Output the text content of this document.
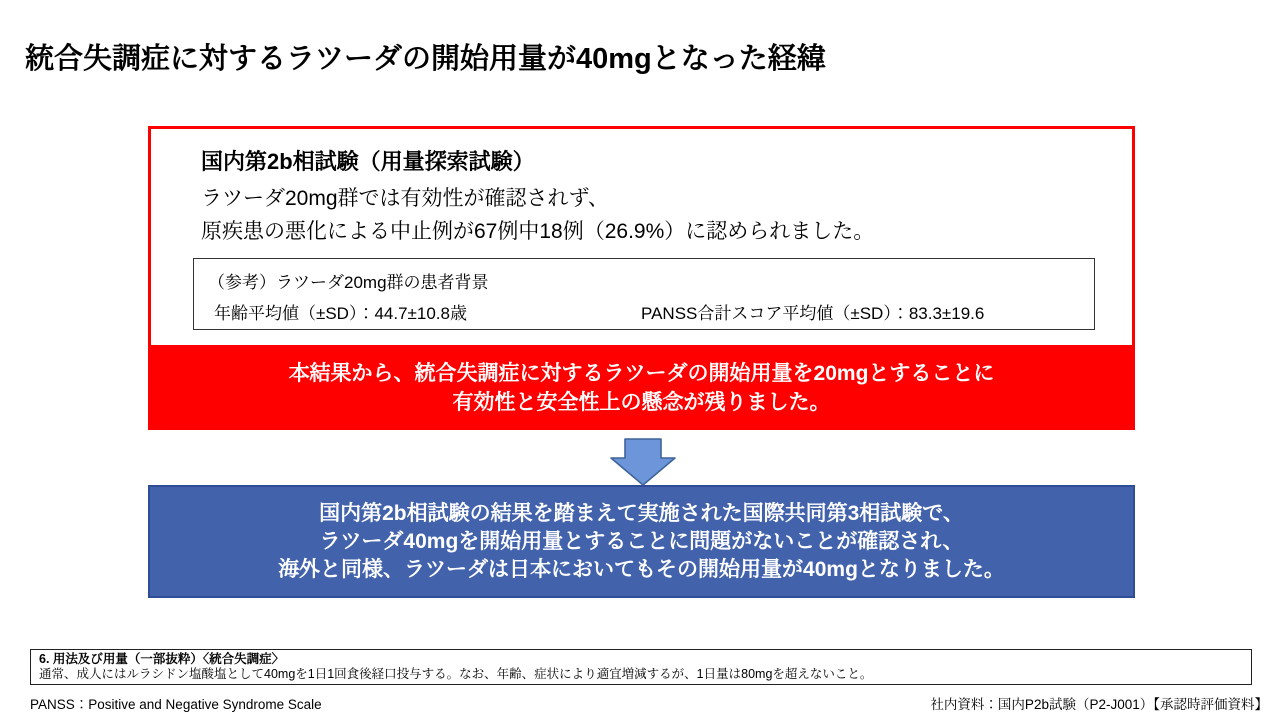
統合失調症に対するラツーダの開始用量が40mgとなった経緯
国内第2b相試験（用量探索試験）
ラツーダ20mg群では有効性が確認されず、
原疾患の悪化による中止例が67例中18例（26.9%）に認められました。
（参考）ラツーダ20mg群の患者背景
年齢平均値（±SD）：44.7±10.8歳	PANSS合計スコア平均値（±SD）：83.3±19.6
本結果から、統合失調症に対するラツーダの開始用量を20mgとすることに
有効性と安全性上の懸念が残りました。
国内第2b相試験の結果を踏まえて実施された国際共同第3相試験で、
ラツーダ40mgを開始用量とすることに問題がないことが確認され、
海外と同様、ラツーダは日本においてもその開始用量が40mgとなりました。
6. 用法及び用量（一部抜粋）〈統合失調症〉
通常、成人にはルラシドン塩酸塩として40mgを1日1回食後経口投与する。なお、年齢、症状により適宜増減するが、1日量は80mgを超えないこと。
PANSS：Positive and Negative Syndrome Scale	社内資料：国内P2b試験（P2-J001）【承認時評価資料】
